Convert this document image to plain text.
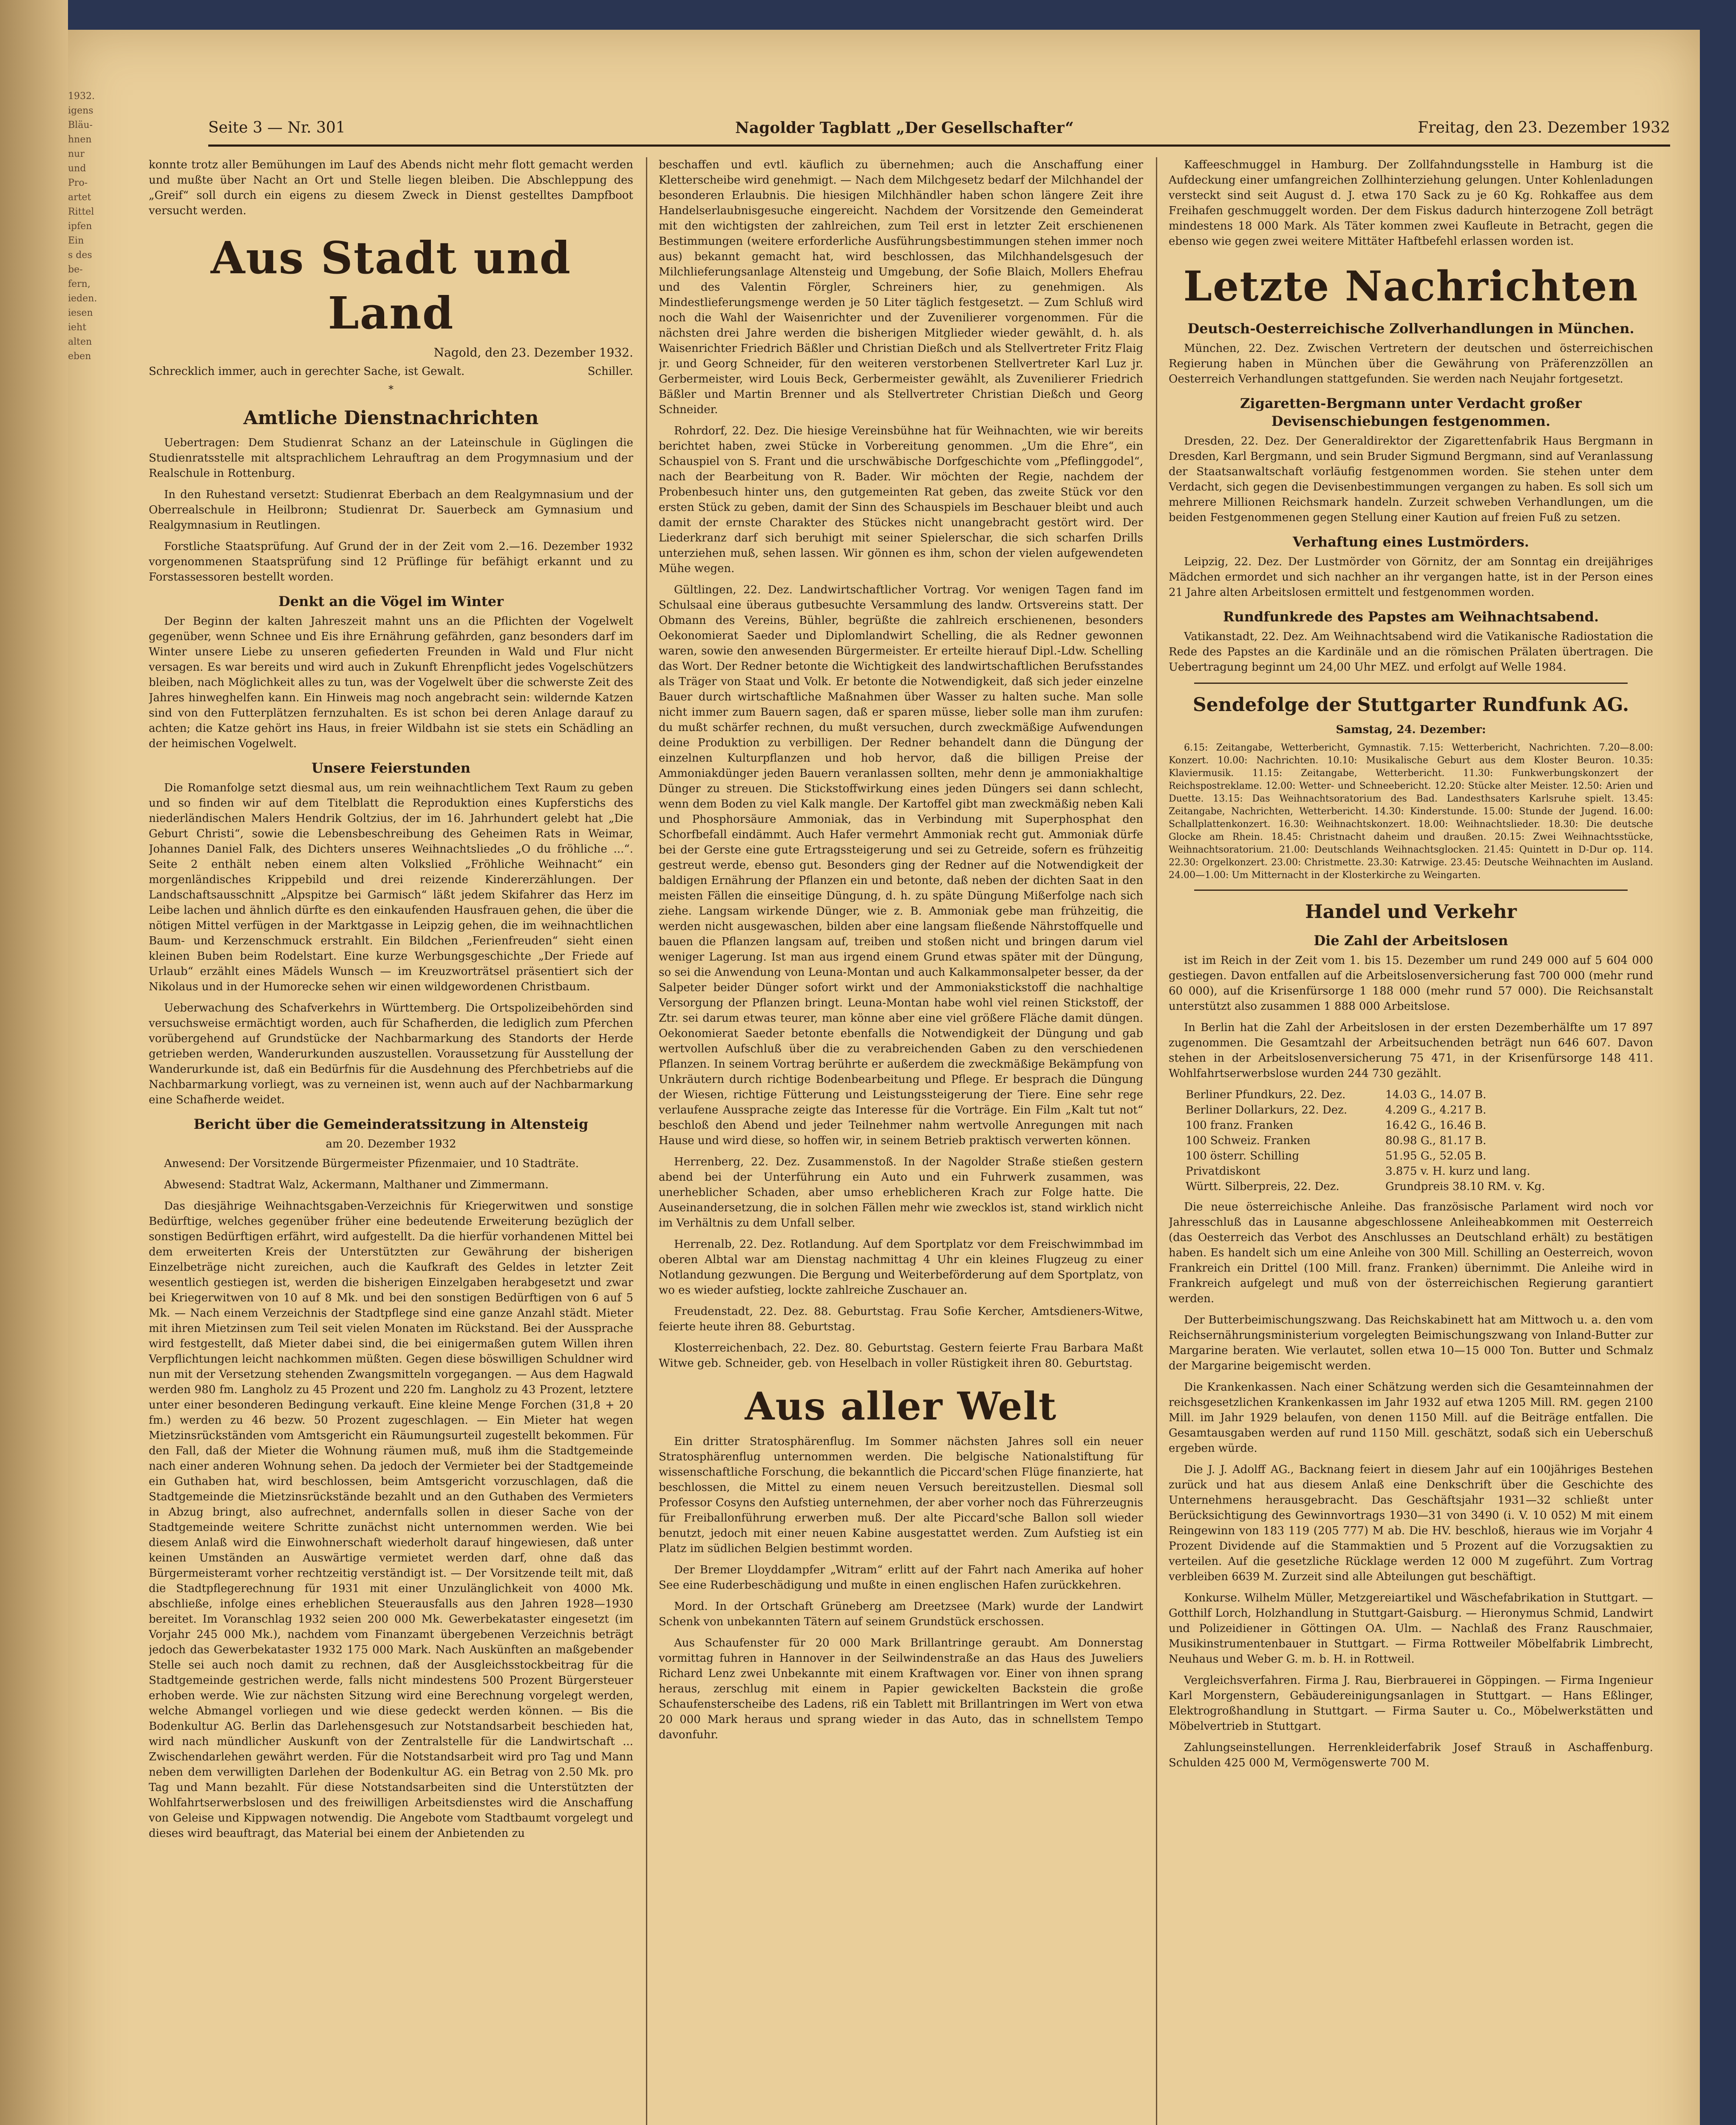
1932.
igens
Bläu-
hnen
nur
und
Pro-
artet
Rittel
ipfen
Ein
s des
be-
fern,
ieden.
iesen
ieht
alten
eben
Seite 3 — Nr. 301	Nagolder Tagblatt „Der Gesellschafter“	Freitag, den 23. Dezember 1932

konnte trotz aller Bemühungen im Lauf des Abends nicht mehr flott gemacht werden und mußte über Nacht an Ort und Stelle liegen bleiben. Die Abschleppung des „Greif“ soll durch ein eigens zu diesem Zweck in Dienst gestelltes Dampfboot versucht werden.

Aus Stadt und Land
Nagold, den 23. Dezember 1932.
Schrecklich immer, auch in gerechter Sache, ist Gewalt.	Schiller.
*
Amtliche Dienstnachrichten

Uebertragen: Dem Studienrat Schanz an der Lateinschule in Güglingen die Studienratsstelle mit altsprachlichem Lehrauftrag an dem Progymnasium und der Realschule in Rottenburg.

In den Ruhestand versetzt: Studienrat Eberbach an dem Realgymnasium und der Oberrealschule in Heilbronn; Studienrat Dr. Sauerbeck am Gymnasium und Realgymnasium in Reutlingen.

Forstliche Staatsprüfung. Auf Grund der in der Zeit vom 2.—16. Dezember 1932 vorgenommenen Staatsprüfung sind 12 Prüflinge für befähigt erkannt und zu Forstassessoren bestellt worden.

Denkt an die Vögel im Winter

Der Beginn der kalten Jahreszeit mahnt uns an die Pflichten der Vogelwelt gegenüber, wenn Schnee und Eis ihre Ernährung gefährden, ganz besonders darf im Winter unsere Liebe zu unseren gefiederten Freunden in Wald und Flur nicht versagen. Es war bereits und wird auch in Zukunft Ehrenpflicht jedes Vogelschützers bleiben, nach Möglichkeit alles zu tun, was der Vogelwelt über die schwerste Zeit des Jahres hinweghelfen kann. Ein Hinweis mag noch angebracht sein: wildernde Katzen sind von den Futterplätzen fernzuhalten. Es ist schon bei deren Anlage darauf zu achten; die Katze gehört ins Haus, in freier Wildbahn ist sie stets ein Schädling an der heimischen Vogelwelt.

Unsere Feierstunden

Die Romanfolge setzt diesmal aus, um rein weihnachtlichem Text Raum zu geben und so finden wir auf dem Titelblatt die Reproduktion eines Kupferstichs des niederländischen Malers Hendrik Goltzius, der im 16. Jahrhundert gelebt hat „Die Geburt Christi“, sowie die Lebensbeschreibung des Geheimen Rats in Weimar, Johannes Daniel Falk, des Dichters unseres Weihnachtsliedes „O du fröhliche ...“. Seite 2 enthält neben einem alten Volkslied „Fröhliche Weihnacht“ ein morgenländisches Krippebild und drei reizende Kindererzählungen. Der Landschaftsausschnitt „Alpspitze bei Garmisch“ läßt jedem Skifahrer das Herz im Leibe lachen und ähnlich dürfte es den einkaufenden Hausfrauen gehen, die über die nötigen Mittel verfügen in der Marktgasse in Leipzig gehen, die im weihnachtlichen Baum- und Kerzenschmuck erstrahlt. Ein Bildchen „Ferienfreuden“ sieht einen kleinen Buben beim Rodelstart. Eine kurze Werbungsgeschichte „Der Friede auf Urlaub“ erzählt eines Mädels Wunsch — im Kreuzworträtsel präsentiert sich der Nikolaus und in der Humorecke sehen wir einen wildgewordenen Christbaum.

Ueberwachung des Schafverkehrs in Württemberg. Die Ortspolizeibehörden sind versuchsweise ermächtigt worden, auch für Schafherden, die lediglich zum Pferchen vorübergehend auf Grundstücke der Nachbarmarkung des Standorts der Herde getrieben werden, Wanderurkunden auszustellen. Voraussetzung für Ausstellung der Wanderurkunde ist, daß ein Bedürfnis für die Ausdehnung des Pferchbetriebs auf die Nachbarmarkung vorliegt, was zu verneinen ist, wenn auch auf der Nachbarmarkung eine Schafherde weidet.

Bericht über die Gemeinderatssitzung in Altensteig
am 20. Dezember 1932

Anwesend: Der Vorsitzende Bürgermeister Pfizenmaier, und 10 Stadträte.

Abwesend: Stadtrat Walz, Ackermann, Malthaner und Zimmermann.

Das diesjährige Weihnachtsgaben-Verzeichnis für Kriegerwitwen und sonstige Bedürftige, welches gegenüber früher eine bedeutende Erweiterung bezüglich der sonstigen Bedürftigen erfährt, wird aufgestellt. Da die hierfür vorhandenen Mittel bei dem erweiterten Kreis der Unterstützten zur Gewährung der bisherigen Einzelbeträge nicht zureichen, auch die Kaufkraft des Geldes in letzter Zeit wesentlich gestiegen ist, werden die bisherigen Einzelgaben herabgesetzt und zwar bei Kriegerwitwen von 10 auf 8 Mk. und bei den sonstigen Bedürftigen von 6 auf 5 Mk. — Nach einem Verzeichnis der Stadtpflege sind eine ganze Anzahl städt. Mieter mit ihren Mietzinsen zum Teil seit vielen Monaten im Rückstand. Bei der Aussprache wird festgestellt, daß Mieter dabei sind, die bei einigermaßen gutem Willen ihren Verpflichtungen leicht nachkommen müßten. Gegen diese böswilligen Schuldner wird nun mit der Versetzung stehenden Zwangsmitteln vorgegangen. — Aus dem Hagwald werden 980 fm. Langholz zu 45 Prozent und 220 fm. Langholz zu 43 Prozent, letztere unter einer besonderen Bedingung verkauft. Eine kleine Menge Forchen (31,8 + 20 fm.) werden zu 46 bezw. 50 Prozent zugeschlagen. — Ein Mieter hat wegen Mietzinsrückständen vom Amtsgericht ein Räumungsurteil zugestellt bekommen. Für den Fall, daß der Mieter die Wohnung räumen muß, muß ihm die Stadtgemeinde nach einer anderen Wohnung sehen. Da jedoch der Vermieter bei der Stadtgemeinde ein Guthaben hat, wird beschlossen, beim Amtsgericht vorzuschlagen, daß die Stadtgemeinde die Mietzinsrückstände bezahlt und an den Guthaben des Vermieters in Abzug bringt, also aufrechnet, andernfalls sollen in dieser Sache von der Stadtgemeinde weitere Schritte zunächst nicht unternommen werden. Wie bei diesem Anlaß wird die Einwohnerschaft wiederholt darauf hingewiesen, daß unter keinen Umständen an Auswärtige vermietet werden darf, ohne daß das Bürgermeisteramt vorher rechtzeitig verständigt ist. — Der Vorsitzende teilt mit, daß die Stadtpflegerechnung für 1931 mit einer Unzulänglichkeit von 4000 Mk. abschließe, infolge eines erheblichen Steuerausfalls aus den Jahren 1928—1930 bereitet. Im Voranschlag 1932 seien 200 000 Mk. Gewerbekataster eingesetzt (im Vorjahr 245 000 Mk.), nachdem vom Finanzamt übergebenen Verzeichnis beträgt jedoch das Gewerbekataster 1932 175 000 Mark. Nach Auskünften an maßgebender Stelle sei auch noch damit zu rechnen, daß der Ausgleichsstockbeitrag für die Stadtgemeinde gestrichen werde, falls nicht mindestens 500 Prozent Bürgersteuer erhoben werde. Wie zur nächsten Sitzung wird eine Berechnung vorgelegt werden, welche Abmangel vorliegen und wie diese gedeckt werden können. — Bis die Bodenkultur AG. Berlin das Darlehensgesuch zur Notstandsarbeit beschieden hat, wird nach mündlicher Auskunft von der Zentralstelle für die Landwirtschaft ... Zwischendarlehen gewährt werden. Für die Notstandsarbeit wird pro Tag und Mann neben dem verwilligten Darlehen der Bodenkultur AG. ein Betrag von 2.50 Mk. pro Tag und Mann bezahlt. Für diese Notstandsarbeiten sind die Unterstützten der Wohlfahrtserwerbslosen und des freiwilligen Arbeitsdienstes wird die Anschaffung von Geleise und Kippwagen notwendig. Die Angebote vom Stadtbaumt vorgelegt und dieses wird beauftragt, das Material bei einem der Anbietenden zu

beschaffen und evtl. käuflich zu übernehmen; auch die Anschaffung einer Kletterscheibe wird genehmigt. — Nach dem Milchgesetz bedarf der Milchhandel der besonderen Erlaubnis. Die hiesigen Milchhändler haben schon längere Zeit ihre Handelserlaubnisgesuche eingereicht. Nachdem der Vorsitzende den Gemeinderat mit den wichtigsten der zahlreichen, zum Teil erst in letzter Zeit erschienenen Bestimmungen (weitere erforderliche Ausführungsbestimmungen stehen immer noch aus) bekannt gemacht hat, wird beschlossen, das Milchhandelsgesuch der Milchlieferungsanlage Altensteig und Umgebung, der Sofie Blaich, Mollers Ehefrau und des Valentin Förgler, Schreiners hier, zu genehmigen. Als Mindestlieferungsmenge werden je 50 Liter täglich festgesetzt. — Zum Schluß wird noch die Wahl der Waisenrichter und der Zuvenilierer vorgenommen. Für die nächsten drei Jahre werden die bisherigen Mitglieder wieder gewählt, d. h. als Waisenrichter Friedrich Bäßler und Christian Dießch und als Stellvertreter Fritz Flaig jr. und Georg Schneider, für den weiteren verstorbenen Stellvertreter Karl Luz jr. Gerbermeister, wird Louis Beck, Gerbermeister gewählt, als Zuvenilierer Friedrich Bäßler und Martin Brenner und als Stellvertreter Christian Dießch und Georg Schneider.

Rohrdorf, 22. Dez. Die hiesige Vereinsbühne hat für Weihnachten, wie wir bereits berichtet haben, zwei Stücke in Vorbereitung genommen. „Um die Ehre“, ein Schauspiel von S. Frant und die urschwäbische Dorfgeschichte vom „Pfeflinggodel“, nach der Bearbeitung von R. Bader. Wir möchten der Regie, nachdem der Probenbesuch hinter uns, den gutgemeinten Rat geben, das zweite Stück vor den ersten Stück zu geben, damit der Sinn des Schauspiels im Beschauer bleibt und auch damit der ernste Charakter des Stückes nicht unangebracht gestört wird. Der Liederkranz darf sich beruhigt mit seiner Spielerschar, die sich scharfen Drills unterziehen muß, sehen lassen. Wir gönnen es ihm, schon der vielen aufgewendeten Mühe wegen.

Gültlingen, 22. Dez. Landwirtschaftlicher Vortrag. Vor wenigen Tagen fand im Schulsaal eine überaus gutbesuchte Versammlung des landw. Ortsvereins statt. Der Obmann des Vereins, Bühler, begrüßte die zahlreich erschienenen, besonders Oekonomierat Saeder und Diplomlandwirt Schelling, die als Redner gewonnen waren, sowie den anwesenden Bürgermeister. Er erteilte hierauf Dipl.-Ldw. Schelling das Wort. Der Redner betonte die Wichtigkeit des landwirtschaftlichen Berufsstandes als Träger von Staat und Volk. Er betonte die Notwendigkeit, daß sich jeder einzelne Bauer durch wirtschaftliche Maßnahmen über Wasser zu halten suche. Man solle nicht immer zum Bauern sagen, daß er sparen müsse, lieber solle man ihm zurufen: du mußt schärfer rechnen, du mußt versuchen, durch zweckmäßige Aufwendungen deine Produktion zu verbilligen. Der Redner behandelt dann die Düngung der einzelnen Kulturpflanzen und hob hervor, daß die billigen Preise der Ammoniakdünger jeden Bauern veranlassen sollten, mehr denn je ammoniakhaltige Dünger zu streuen. Die Stickstoffwirkung eines jeden Düngers sei dann schlecht, wenn dem Boden zu viel Kalk mangle. Der Kartoffel gibt man zweckmäßig neben Kali und Phosphorsäure Ammoniak, das in Verbindung mit Superphosphat den Schorfbefall eindämmt. Auch Hafer vermehrt Ammoniak recht gut. Ammoniak dürfe bei der Gerste eine gute Ertragssteigerung und sei zu Getreide, sofern es frühzeitig gestreut werde, ebenso gut. Besonders ging der Redner auf die Notwendigkeit der baldigen Ernährung der Pflanzen ein und betonte, daß neben der dichten Saat in den meisten Fällen die einseitige Düngung, d. h. zu späte Düngung Mißerfolge nach sich ziehe. Langsam wirkende Dünger, wie z. B. Ammoniak gebe man frühzeitig, die werden nicht ausgewaschen, bilden aber eine langsam fließende Nährstoffquelle und bauen die Pflanzen langsam auf, treiben und stoßen nicht und bringen darum viel weniger Lagerung. Ist man aus irgend einem Grund etwas später mit der Düngung, so sei die Anwendung von Leuna-Montan und auch Kalkammonsalpeter besser, da der Salpeter beider Dünger sofort wirkt und der Ammoniakstickstoff die nachhaltige Versorgung der Pflanzen bringt. Leuna-Montan habe wohl viel reinen Stickstoff, der Ztr. sei darum etwas teurer, man könne aber eine viel größere Fläche damit düngen. Oekonomierat Saeder betonte ebenfalls die Notwendigkeit der Düngung und gab wertvollen Aufschluß über die zu verabreichenden Gaben zu den verschiedenen Pflanzen. In seinem Vortrag berührte er außerdem die zweckmäßige Bekämpfung von Unkräutern durch richtige Bodenbearbeitung und Pflege. Er besprach die Düngung der Wiesen, richtige Fütterung und Leistungssteigerung der Tiere. Eine sehr rege verlaufene Aussprache zeigte das Interesse für die Vorträge. Ein Film „Kalt tut not“ beschloß den Abend und jeder Teilnehmer nahm wertvolle Anregungen mit nach Hause und wird diese, so hoffen wir, in seinem Betrieb praktisch verwerten können.

Herrenberg, 22. Dez. Zusammenstoß. In der Nagolder Straße stießen gestern abend bei der Unterführung ein Auto und ein Fuhrwerk zusammen, was unerheblicher Schaden, aber umso erheblicheren Krach zur Folge hatte. Die Auseinandersetzung, die in solchen Fällen mehr wie zwecklos ist, stand wirklich nicht im Verhältnis zu dem Unfall selber.

Herrenalb, 22. Dez. Rotlandung. Auf dem Sportplatz vor dem Freischwimmbad im oberen Albtal war am Dienstag nachmittag 4 Uhr ein kleines Flugzeug zu einer Notlandung gezwungen. Die Bergung und Weiterbeförderung auf dem Sportplatz, von wo es wieder aufstieg, lockte zahlreiche Zuschauer an.

Freudenstadt, 22. Dez. 88. Geburtstag. Frau Sofie Kercher, Amtsdieners-Witwe, feierte heute ihren 88. Geburtstag.

Klosterreichenbach, 22. Dez. 80. Geburtstag. Gestern feierte Frau Barbara Maßt Witwe geb. Schneider, geb. von Heselbach in voller Rüstigkeit ihren 80. Geburtstag.

Aus aller Welt

Ein dritter Stratosphärenflug. Im Sommer nächsten Jahres soll ein neuer Stratosphärenflug unternommen werden. Die belgische Nationalstiftung für wissenschaftliche Forschung, die bekanntlich die Piccard'schen Flüge finanzierte, hat beschlossen, die Mittel zu einem neuen Versuch bereitzustellen. Diesmal soll Professor Cosyns den Aufstieg unternehmen, der aber vorher noch das Führerzeugnis für Freiballonführung erwerben muß. Der alte Piccard'sche Ballon soll wieder benutzt, jedoch mit einer neuen Kabine ausgestattet werden. Zum Aufstieg ist ein Platz im südlichen Belgien bestimmt worden.

Der Bremer Lloyddampfer „Witram“ erlitt auf der Fahrt nach Amerika auf hoher See eine Ruderbeschädigung und mußte in einen englischen Hafen zurückkehren.

Mord. In der Ortschaft Grüneberg am Dreetzsee (Mark) wurde der Landwirt Schenk von unbekannten Tätern auf seinem Grundstück erschossen.

Aus Schaufenster für 20 000 Mark Brillantringe geraubt. Am Donnerstag vormittag fuhren in Hannover in der Seilwindenstraße an das Haus des Juweliers Richard Lenz zwei Unbekannte mit einem Kraftwagen vor. Einer von ihnen sprang heraus, zerschlug mit einem in Papier gewickelten Backstein die große Schaufensterscheibe des Ladens, riß ein Tablett mit Brillantringen im Wert von etwa 20 000 Mark heraus und sprang wieder in das Auto, das in schnellstem Tempo davonfuhr.

Kaffeeschmuggel in Hamburg. Der Zollfahndungsstelle in Hamburg ist die Aufdeckung einer umfangreichen Zollhinterziehung gelungen. Unter Kohlenladungen versteckt sind seit August d. J. etwa 170 Sack zu je 60 Kg. Rohkaffee aus dem Freihafen geschmuggelt worden. Der dem Fiskus dadurch hinterzogene Zoll beträgt mindestens 18 000 Mark. Als Täter kommen zwei Kaufleute in Betracht, gegen die ebenso wie gegen zwei weitere Mittäter Haftbefehl erlassen worden ist.

Letzte Nachrichten
Deutsch-Oesterreichische Zollverhandlungen in München.

München, 22. Dez. Zwischen Vertretern der deutschen und österreichischen Regierung haben in München über die Gewährung von Präferenzzöllen an Oesterreich Verhandlungen stattgefunden. Sie werden nach Neujahr fortgesetzt.

Zigaretten-Bergmann unter Verdacht großer Devisenschiebungen festgenommen.

Dresden, 22. Dez. Der Generaldirektor der Zigarettenfabrik Haus Bergmann in Dresden, Karl Bergmann, und sein Bruder Sigmund Bergmann, sind auf Veranlassung der Staatsanwaltschaft vorläufig festgenommen worden. Sie stehen unter dem Verdacht, sich gegen die Devisenbestimmungen vergangen zu haben. Es soll sich um mehrere Millionen Reichsmark handeln. Zurzeit schweben Verhandlungen, um die beiden Festgenommenen gegen Stellung einer Kaution auf freien Fuß zu setzen.

Verhaftung eines Lustmörders.

Leipzig, 22. Dez. Der Lustmörder von Görnitz, der am Sonntag ein dreijähriges Mädchen ermordet und sich nachher an ihr vergangen hatte, ist in der Person eines 21 Jahre alten Arbeitslosen ermittelt und festgenommen worden.

Rundfunkrede des Papstes am Weihnachtsabend.

Vatikanstadt, 22. Dez. Am Weihnachtsabend wird die Vatikanische Radiostation die Rede des Papstes an die Kardinäle und an die römischen Prälaten übertragen. Die Uebertragung beginnt um 24,00 Uhr MEZ. und erfolgt auf Welle 1984.

Sendefolge der Stuttgarter Rundfunk AG.
Samstag, 24. Dezember:

6.15: Zeitangabe, Wetterbericht, Gymnastik. 7.15: Wetterbericht, Nachrichten. 7.20—8.00: Konzert. 10.00: Nachrichten. 10.10: Musikalische Geburt aus dem Kloster Beuron. 10.35: Klaviermusik. 11.15: Zeitangabe, Wetterbericht. 11.30: Funkwerbungskonzert der Reichspostreklame. 12.00: Wetter- und Schneebericht. 12.20: Stücke alter Meister. 12.50: Arien und Duette. 13.15: Das Weihnachtsoratorium des Bad. Landesthsaters Karlsruhe spielt. 13.45: Zeitangabe, Nachrichten, Wetterbericht. 14.30: Kinderstunde. 15.00: Stunde der Jugend. 16.00: Schallplattenkonzert. 16.30: Weihnachtskonzert. 18.00: Weihnachtslieder. 18.30: Die deutsche Glocke am Rhein. 18.45: Christnacht daheim und draußen. 20.15: Zwei Weihnachtsstücke, Weihnachtsoratorium. 21.00: Deutschlands Weihnachtsglocken. 21.45: Quintett in D-Dur op. 114. 22.30: Orgelkonzert. 23.00: Christmette. 23.30: Katrwige. 23.45: Deutsche Weihnachten im Ausland. 24.00—1.00: Um Mitternacht in der Klosterkirche zu Weingarten.

Handel und Verkehr
Die Zahl der Arbeitslosen

ist im Reich in der Zeit vom 1. bis 15. Dezember um rund 249 000 auf 5 604 000 gestiegen. Davon entfallen auf die Arbeitslosenversicherung fast 700 000 (mehr rund 60 000), auf die Krisenfürsorge 1 188 000 (mehr rund 57 000). Die Reichsanstalt unterstützt also zusammen 1 888 000 Arbeitslose.

In Berlin hat die Zahl der Arbeitslosen in der ersten Dezemberhälfte um 17 897 zugenommen. Die Gesamtzahl der Arbeitsuchenden beträgt nun 646 607. Davon stehen in der Arbeitslosenversicherung 75 471, in der Krisenfürsorge 148 411. Wohlfahrtserwerbslose wurden 244 730 gezählt.

Berliner Pfundkurs, 22. Dez.	14.03 G., 14.07 B.
Berliner Dollarkurs, 22. Dez.	4.209 G., 4.217 B.
100 franz. Franken	16.42 G., 16.46 B.
100 Schweiz. Franken	80.98 G., 81.17 B.
100 österr. Schilling	51.95 G., 52.05 B.
Privatdiskont	3.875 v. H. kurz und lang.
Württ. Silberpreis, 22. Dez.	Grundpreis 38.10 RM. v. Kg.

Die neue österreichische Anleihe. Das französische Parlament wird noch vor Jahresschluß das in Lausanne abgeschlossene Anleiheabkommen mit Oesterreich (das Oesterreich das Verbot des Anschlusses an Deutschland erhält) zu bestätigen haben. Es handelt sich um eine Anleihe von 300 Mill. Schilling an Oesterreich, wovon Frankreich ein Drittel (100 Mill. franz. Franken) übernimmt. Die Anleihe wird in Frankreich aufgelegt und muß von der österreichischen Regierung garantiert werden.

Der Butterbeimischungszwang. Das Reichskabinett hat am Mittwoch u. a. den vom Reichsernährungsministerium vorgelegten Beimischungszwang von Inland-Butter zur Margarine beraten. Wie verlautet, sollen etwa 10—15 000 Ton. Butter und Schmalz der Margarine beigemischt werden.

Die Krankenkassen. Nach einer Schätzung werden sich die Gesamteinnahmen der reichsgesetzlichen Krankenkassen im Jahr 1932 auf etwa 1205 Mill. RM. gegen 2100 Mill. im Jahr 1929 belaufen, von denen 1150 Mill. auf die Beiträge entfallen. Die Gesamtausgaben werden auf rund 1150 Mill. geschätzt, sodaß sich ein Ueberschuß ergeben würde.

Die J. J. Adolff AG., Backnang feiert in diesem Jahr auf ein 100jähriges Bestehen zurück und hat aus diesem Anlaß eine Denkschrift über die Geschichte des Unternehmens herausgebracht. Das Geschäftsjahr 1931—32 schließt unter Berücksichtigung des Gewinnvortrags 1930—31 von 3490 (i. V. 10 052) M mit einem Reingewinn von 183 119 (205 777) M ab. Die HV. beschloß, hieraus wie im Vorjahr 4 Prozent Dividende auf die Stammaktien und 5 Prozent auf die Vorzugsaktien zu verteilen. Auf die gesetzliche Rücklage werden 12 000 M zugeführt. Zum Vortrag verbleiben 6639 M. Zurzeit sind alle Abteilungen gut beschäftigt.

Konkurse. Wilhelm Müller, Metzgereiartikel und Wäschefabrikation in Stuttgart. — Gotthilf Lorch, Holzhandlung in Stuttgart-Gaisburg. — Hieronymus Schmid, Landwirt und Polizeidiener in Göttingen OA. Ulm. — Nachlaß des Franz Rauschmaier, Musikinstrumentenbauer in Stuttgart. — Firma Rottweiler Möbelfabrik Limbrecht, Neuhaus und Weber G. m. b. H. in Rottweil.

Vergleichsverfahren. Firma J. Rau, Bierbrauerei in Göppingen. — Firma Ingenieur Karl Morgenstern, Gebäudereinigungsanlagen in Stuttgart. — Hans Eßlinger, Elektrogroßhandlung in Stuttgart. — Firma Sauter u. Co., Möbelwerkstätten und Möbelvertrieb in Stuttgart.

Zahlungseinstellungen. Herrenkleiderfabrik Josef Strauß in Aschaffenburg. Schulden 425 000 M, Vermögenswerte 700 M.
